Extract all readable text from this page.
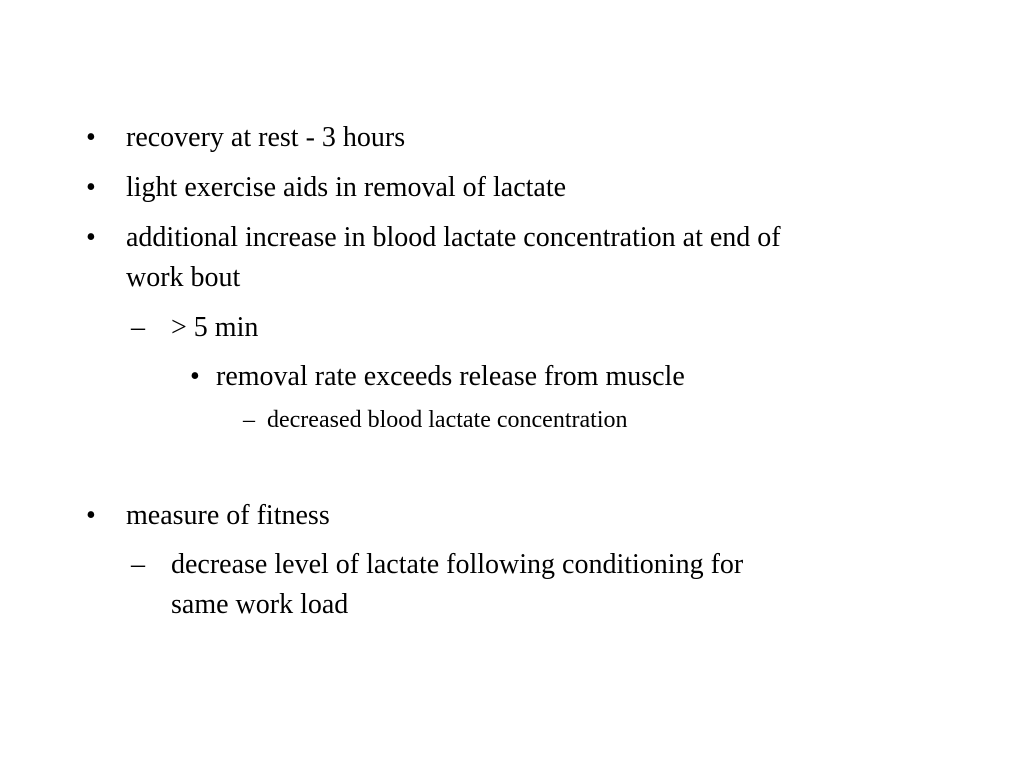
• recovery at rest - 3 hours
• light exercise aids in removal of lactate
• additional increase in blood lactate concentration at end of
work bout
– > 5 min
• removal rate exceeds release from muscle
– decreased blood lactate concentration
• measure of fitness
– decrease level of lactate following conditioning for
same work load
